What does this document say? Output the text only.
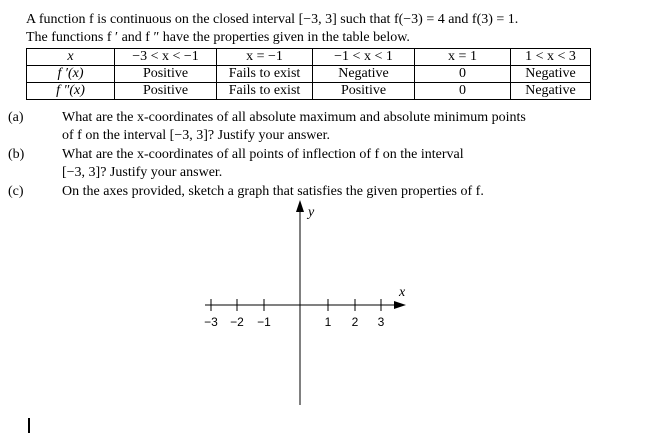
A function f is continuous on the closed interval [−3, 3] such that f(−3) = 4 and f(3) = 1.
The functions f ′ and f ″ have the properties given in the table below.
x	−3 < x < −1	x = −1	−1 < x < 1	x = 1	1 < x < 3
f ′(x)	Positive	Fails to exist	Negative	0	Negative
f ″(x)	Positive	Fails to exist	Positive	0	Negative
(a)	What are the x-coordinates of all absolute maximum and absolute minimum points
of f on the interval [−3, 3]? Justify your answer.
(b)	What are the x-coordinates of all points of inflection of f on the interval
[−3, 3]? Justify your answer.
(c)	On the axes provided, sketch a graph that satisfies the given properties of f.
y
x
−3 −2 −1	1 2 3
